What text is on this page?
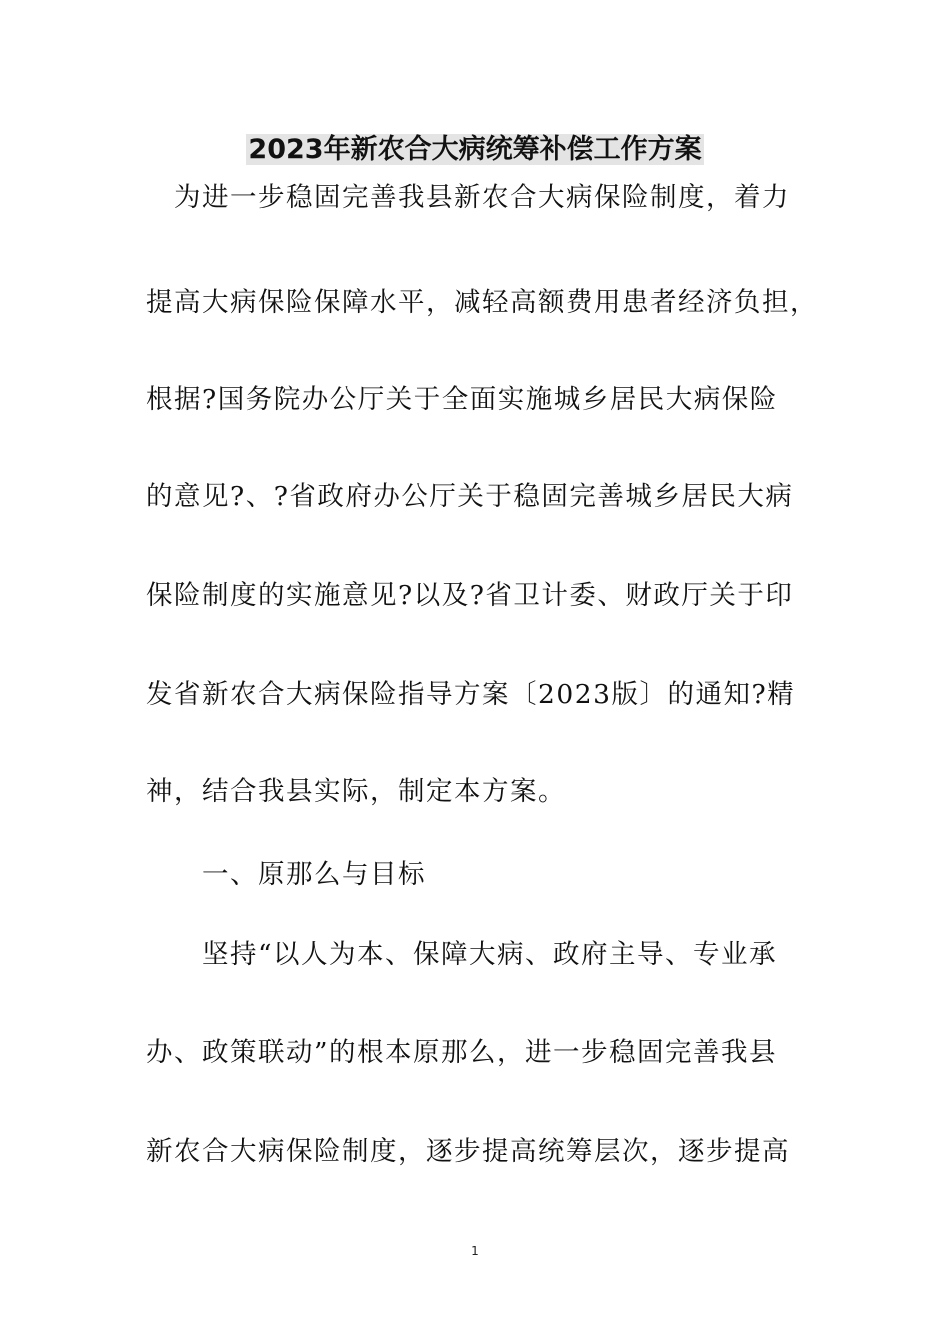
2023年新农合大病统筹补偿工作方案
　为进一步稳固完善我县新农合大病保险制度，着力
提高大病保险保障水平，减轻高额费用患者经济负担，
根据?国务院办公厅关于全面实施城乡居民大病保险
的意见?、?省政府办公厅关于稳固完善城乡居民大病
保险制度的实施意见?以及?省卫计委、财政厅关于印
发省新农合大病保险指导方案〔2023版〕的通知?精
神，结合我县实际，制定本方案。
　　一、原那么与目标
　　坚持“以人为本、保障大病、政府主导、专业承
办、政策联动”的根本原那么，进一步稳固完善我县
新农合大病保险制度，逐步提高统筹层次，逐步提高
1
